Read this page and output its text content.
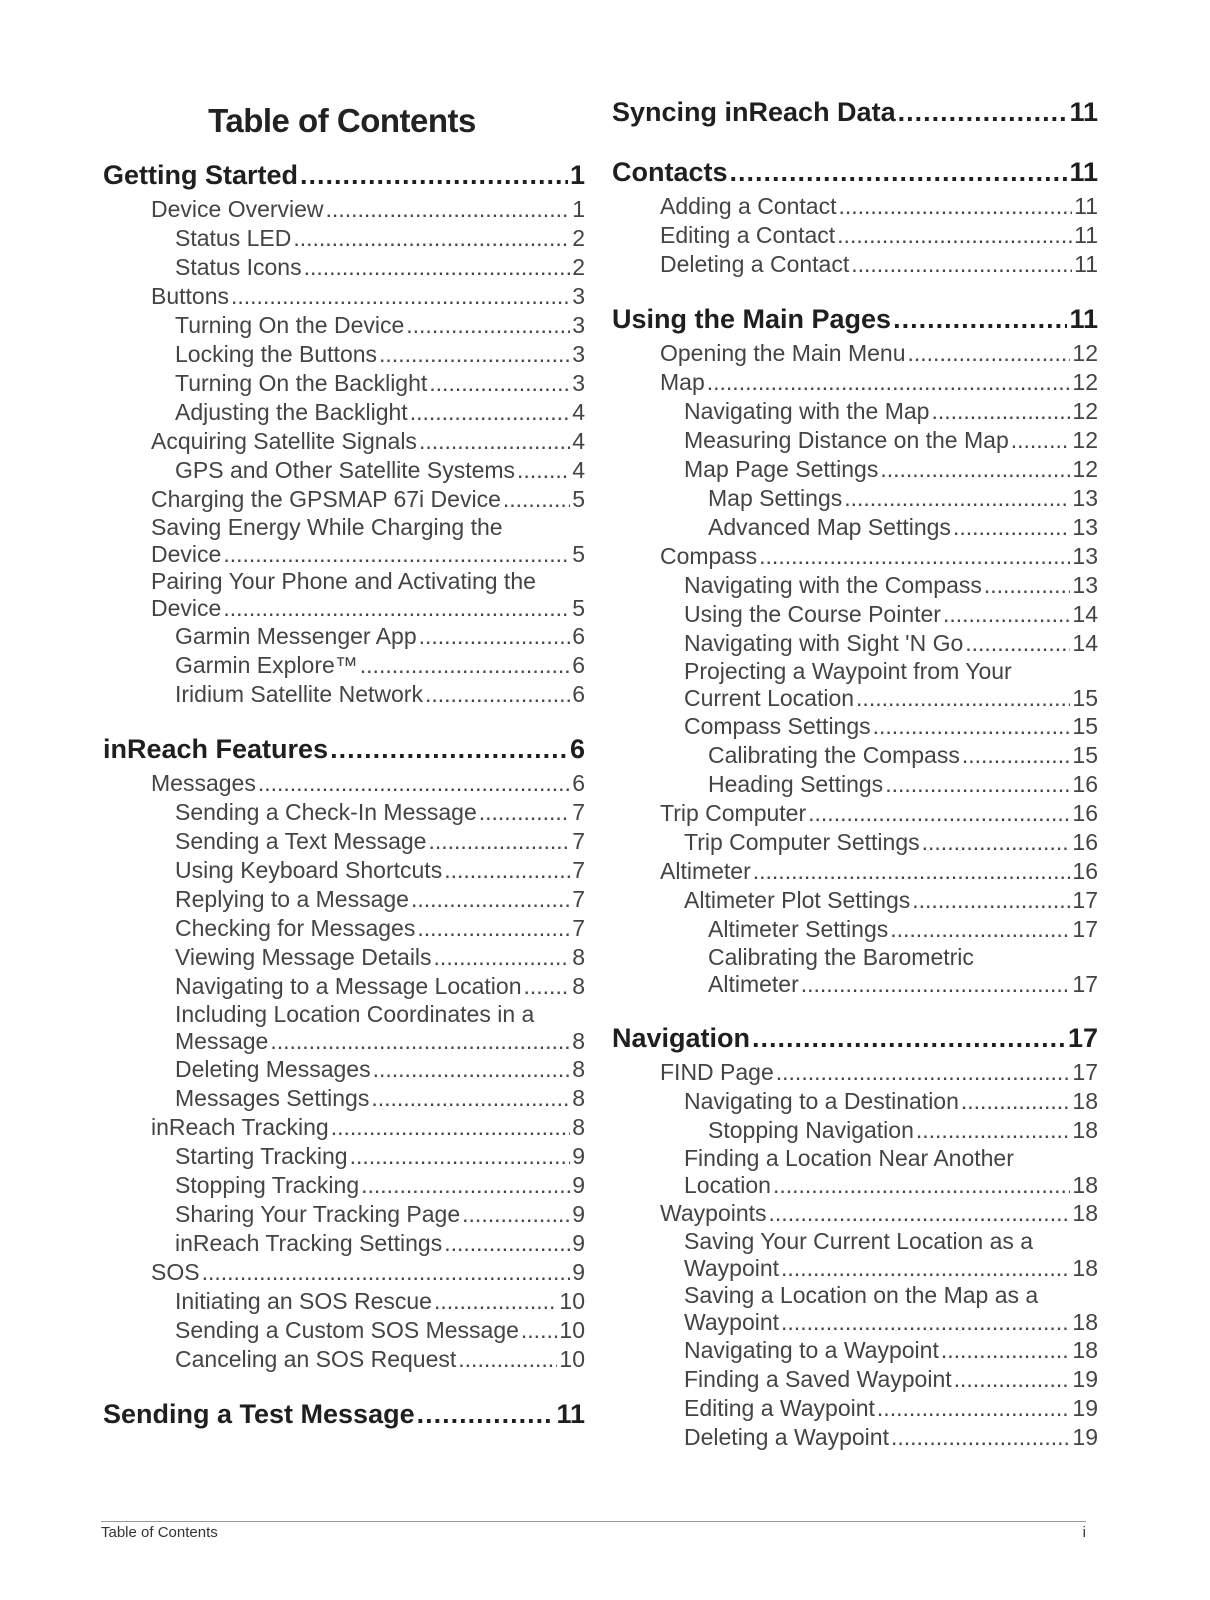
Table of Contents
Getting Started .....	1
Device Overview .....	1
Status LED .....	2
Status Icons .....	2
Buttons .....	3
Turning On the Device .....	3
Locking the Buttons .....	3
Turning On the Backlight .....	3
Adjusting the Backlight .....	4
Acquiring Satellite Signals .....	4
GPS and Other Satellite Systems ..... 4
Charging the GPSMAP 67i Device .....	5
Saving Energy While Charging the
Device .....	5
Pairing Your Phone and Activating the
Device .....	5
Garmin Messenger App .....	6
Garmin Explore™ .....	6
Iridium Satellite Network .....	6
inReach Features .....	6
Messages .....	6
Sending a Check-In Message .....	7
Sending a Text Message .....	7
Using Keyboard Shortcuts .....	7
Replying to a Message .....	7
Checking for Messages .....	7
Viewing Message Details .....	8
Navigating to a Message Location ..... 8
Including Location Coordinates in a
Message .....	8
Deleting Messages .....	8
Messages Settings .....	8
inReach Tracking .....	8
Starting Tracking .....	9
Stopping Tracking .....	9
Sharing Your Tracking Page .....	9
inReach Tracking Settings .....	9
SOS .....	9
Initiating an SOS Rescue .....	10
Sending a Custom SOS Message ..... 10
Canceling an SOS Request .....	10
Sending a Test Message .....	11
Syncing inReach Data .....	11
Contacts .....	11
Adding a Contact .....	11
Editing a Contact .....	11
Deleting a Contact .....	11
Using the Main Pages .....	11
Opening the Main Menu .....	12
Map .....	12
Navigating with the Map .....	12
Measuring Distance on the Map .....	12
Map Page Settings .....	12
Map Settings .....	13
Advanced Map Settings .....	13
Compass .....	13
Navigating with the Compass .....	13
Using the Course Pointer .....	14
Navigating with Sight 'N Go .....	14
Projecting a Waypoint from Your
Current Location .....	15
Compass Settings .....	15
Calibrating the Compass .....	15
Heading Settings .....	16
Trip Computer .....	16
Trip Computer Settings .....	16
Altimeter .....	16
Altimeter Plot Settings .....	17
Altimeter Settings .....	17
Calibrating the Barometric
Altimeter .....	17
Navigation .....	17
FIND Page .....	17
Navigating to a Destination .....	18
Stopping Navigation .....	18
Finding a Location Near Another
Location .....	18
Waypoints .....	18
Saving Your Current Location as a
Waypoint .....	18
Saving a Location on the Map as a
Waypoint .....	18
Navigating to a Waypoint .....	18
Finding a Saved Waypoint .....	19
Editing a Waypoint .....	19
Deleting a Waypoint .....	19
Table of Contents	i
